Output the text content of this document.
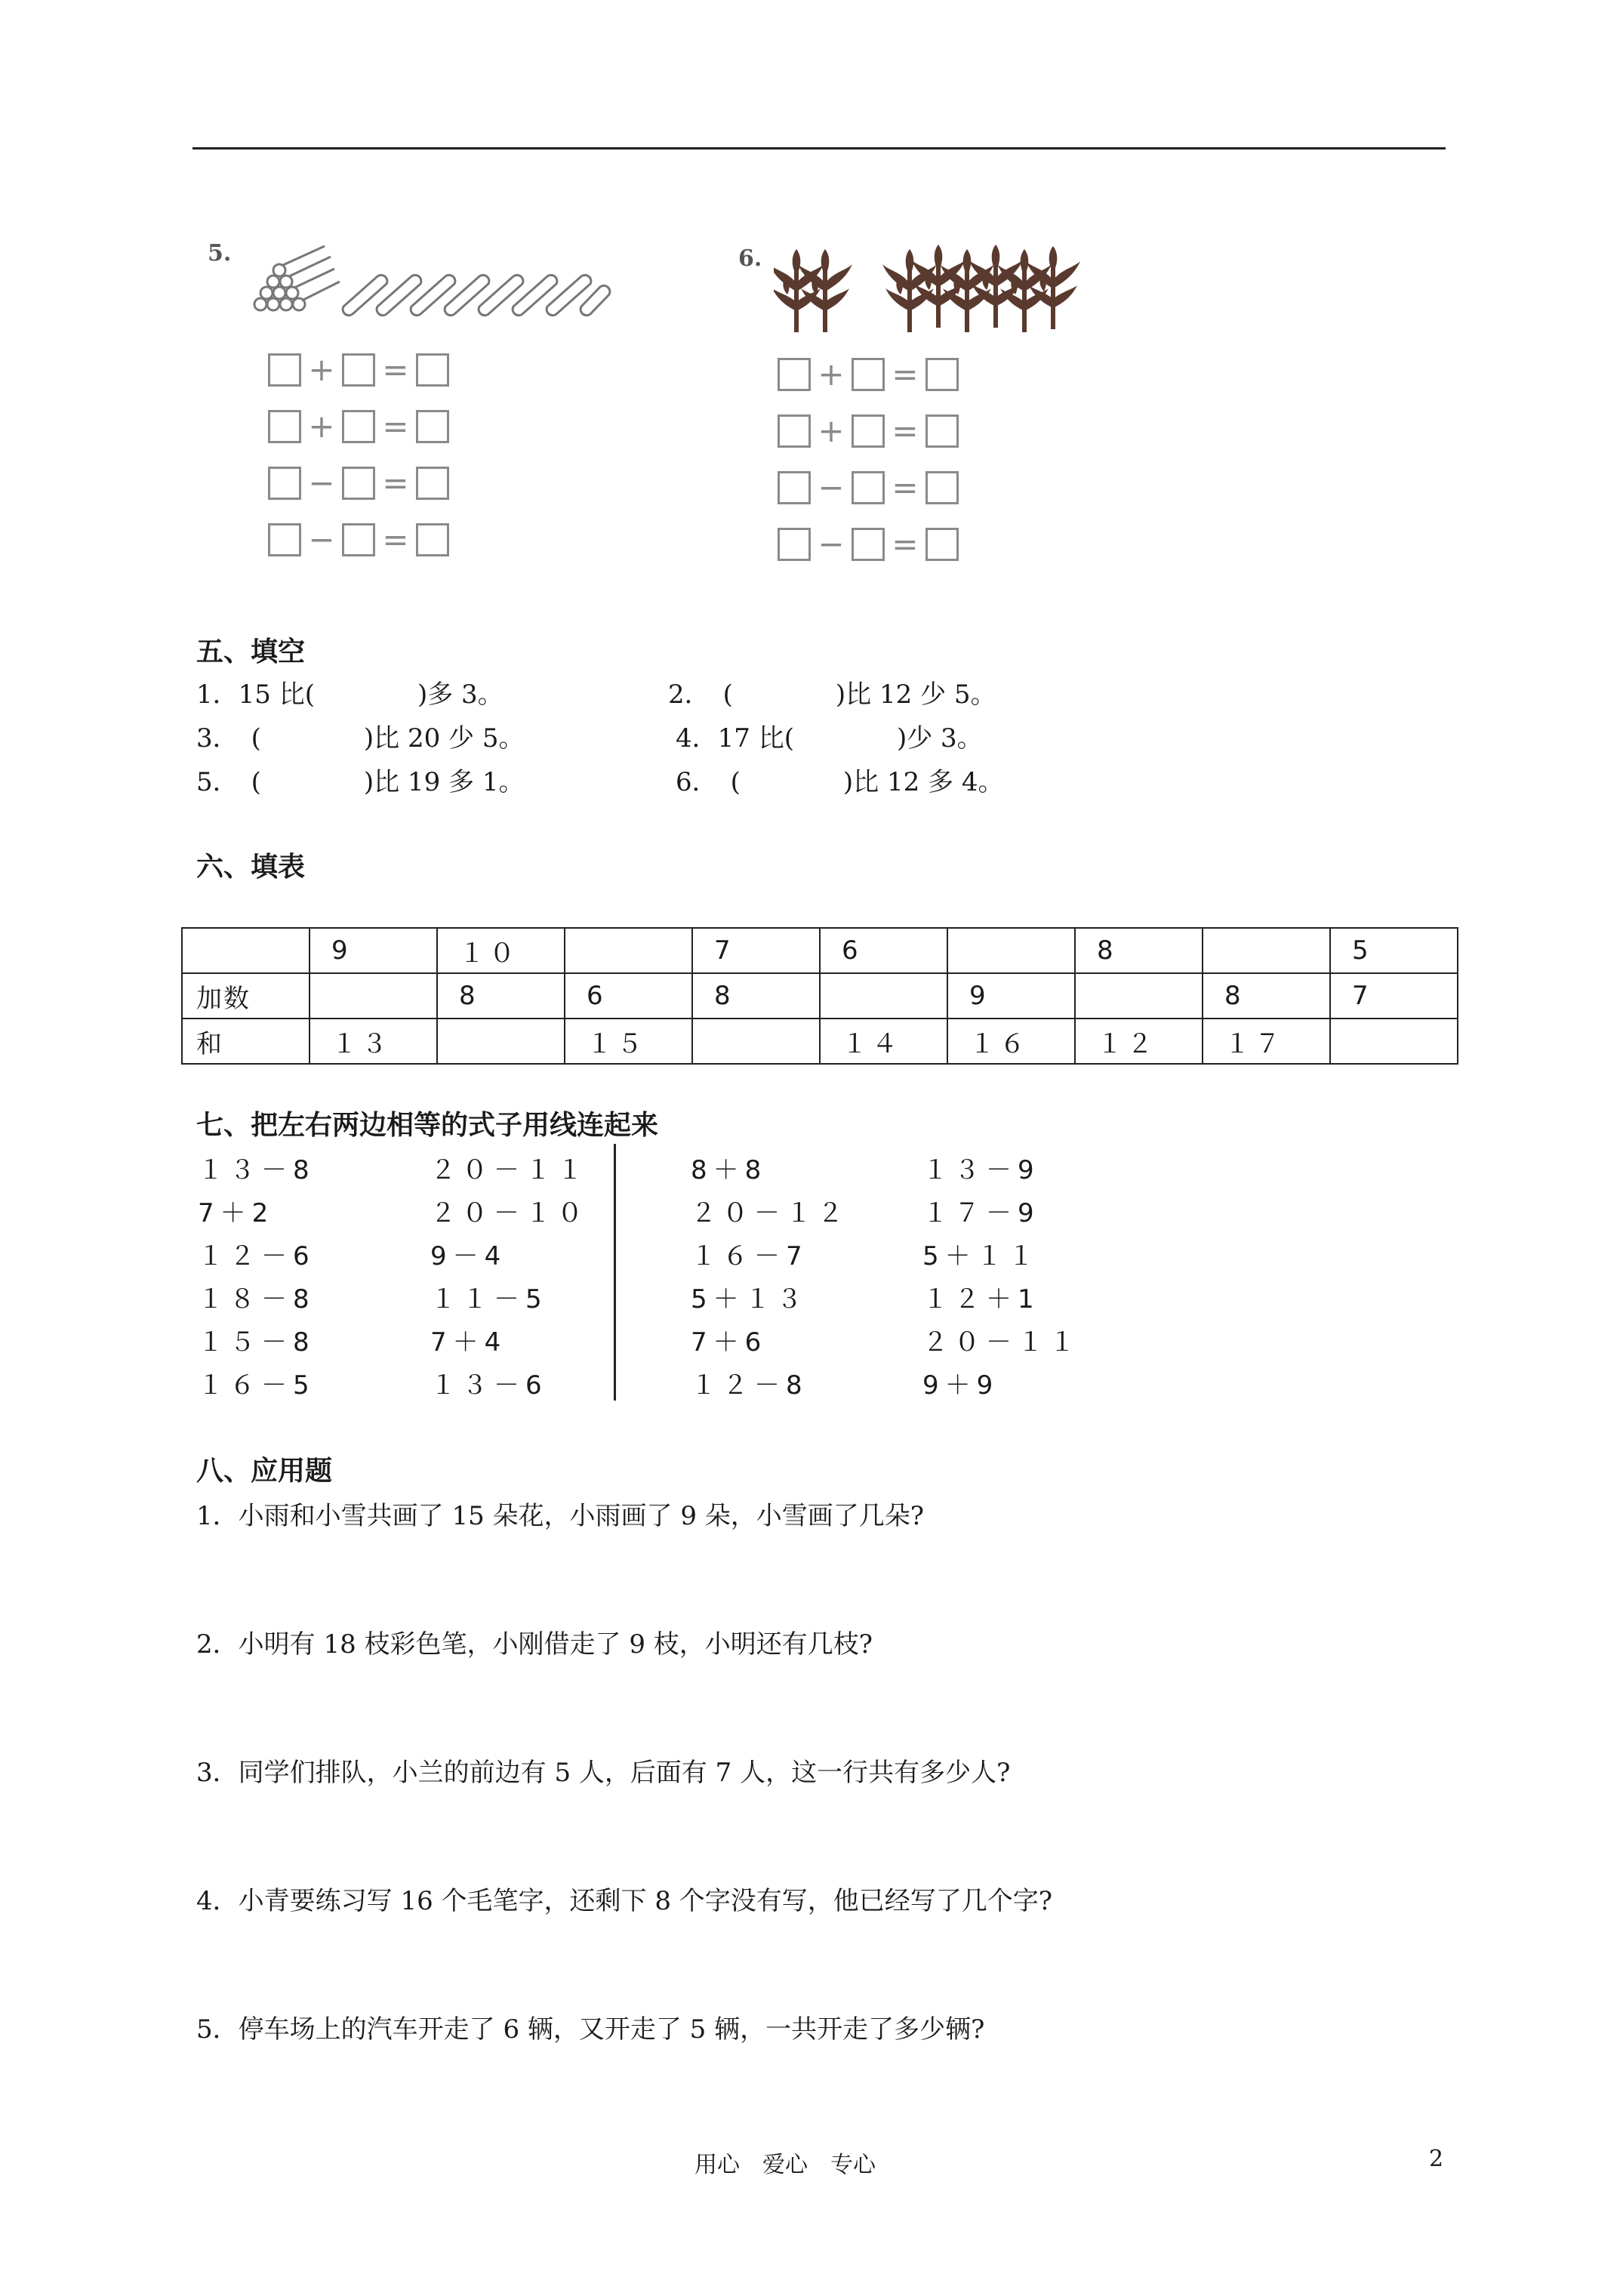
5.
+ =
+ =
− =
− =
6.
+ =
+ =
− =
− =
五、填空
1．15 比(　　　　)多 3。	2．　(　　　　)比 12 少 5。
3．　(　　　　)比 20 少 5。	4．17 比(　　　　)少 3。
5．　(　　　　)比 19 多 1。	6．　(　　　　)比 12 多 4。
六、填表
	9	１０		7	6		8		5
加数		8	6	8		9		8	7
和	１３		１５		１４	１６	１２	１７	
七、把左右两边相等的式子用线连起来
１３－8
7＋2
１２－6
１８－8
１５－8
１６－5
２０－１１
２０－１０
9－4
１１－5
7＋4
１３－6
8＋8
２０－１２
１６－7
5＋１３
7＋6
１２－8
１３－9
１７－9
5＋１１
１２＋1
２０－１１
9＋9
八、应用题
1．小雨和小雪共画了 15 朵花，小雨画了 9 朵，小雪画了几朵?
2．小明有 18 枝彩色笔，小刚借走了 9 枝，小明还有几枝?
3．同学们排队，小兰的前边有 5 人，后面有 7 人，这一行共有多少人?
4．小青要练习写 16 个毛笔字，还剩下 8 个字没有写，他已经写了几个字?
5．停车场上的汽车开走了 6 辆，又开走了 5 辆，一共开走了多少辆?
用心　爱心　专心	2
